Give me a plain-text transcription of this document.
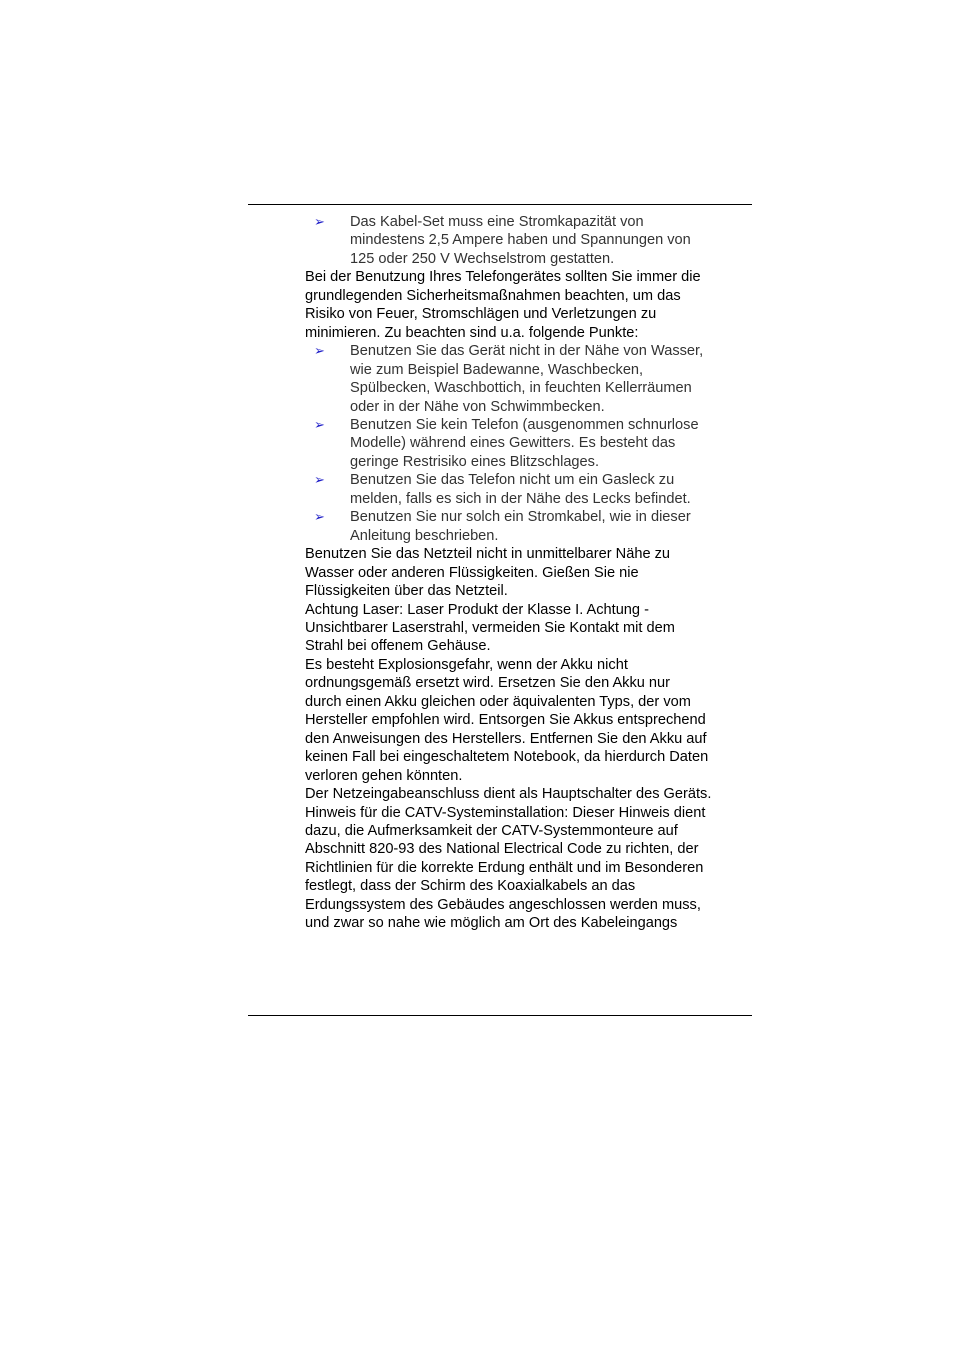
➢ Das Kabel-Set muss eine Stromkapazität von
mindestens 2,5 Ampere haben und Spannungen von
125 oder 250 V Wechselstrom gestatten.

Bei der Benutzung Ihres Telefongerätes sollten Sie immer die
grundlegenden Sicherheitsmaßnahmen beachten, um das
Risiko von Feuer, Stromschlägen und Verletzungen zu
minimieren. Zu beachten sind u.a. folgende Punkte:

➢ Benutzen Sie das Gerät nicht in der Nähe von Wasser,
wie zum Beispiel Badewanne, Waschbecken,
Spülbecken, Waschbottich, in feuchten Kellerräumen
oder in der Nähe von Schwimmbecken.
➢ Benutzen Sie kein Telefon (ausgenommen schnurlose
Modelle) während eines Gewitters. Es besteht das
geringe Restrisiko eines Blitzschlages.
➢ Benutzen Sie das Telefon nicht um ein Gasleck zu
melden, falls es sich in der Nähe des Lecks befindet.
➢ Benutzen Sie nur solch ein Stromkabel, wie in dieser
Anleitung beschrieben.

Benutzen Sie das Netzteil nicht in unmittelbarer Nähe zu
Wasser oder anderen Flüssigkeiten. Gießen Sie nie
Flüssigkeiten über das Netzteil.

Achtung Laser: Laser Produkt der Klasse I. Achtung -
Unsichtbarer Laserstrahl, vermeiden Sie Kontakt mit dem
Strahl bei offenem Gehäuse.

Es besteht Explosionsgefahr, wenn der Akku nicht
ordnungsgemäß ersetzt wird. Ersetzen Sie den Akku nur
durch einen Akku gleichen oder äquivalenten Typs, der vom
Hersteller empfohlen wird. Entsorgen Sie Akkus entsprechend
den Anweisungen des Herstellers. Entfernen Sie den Akku auf
keinen Fall bei eingeschaltetem Notebook, da hierdurch Daten
verloren gehen könnten.

Der Netzeingabeanschluss dient als Hauptschalter des Geräts.

Hinweis für die CATV-Systeminstallation: Dieser Hinweis dient
dazu, die Aufmerksamkeit der CATV-Systemmonteure auf
Abschnitt 820-93 des National Electrical Code zu richten, der
Richtlinien für die korrekte Erdung enthält und im Besonderen
festlegt, dass der Schirm des Koaxialkabels an das
Erdungssystem des Gebäudes angeschlossen werden muss,
und zwar so nahe wie möglich am Ort des Kabeleingangs
